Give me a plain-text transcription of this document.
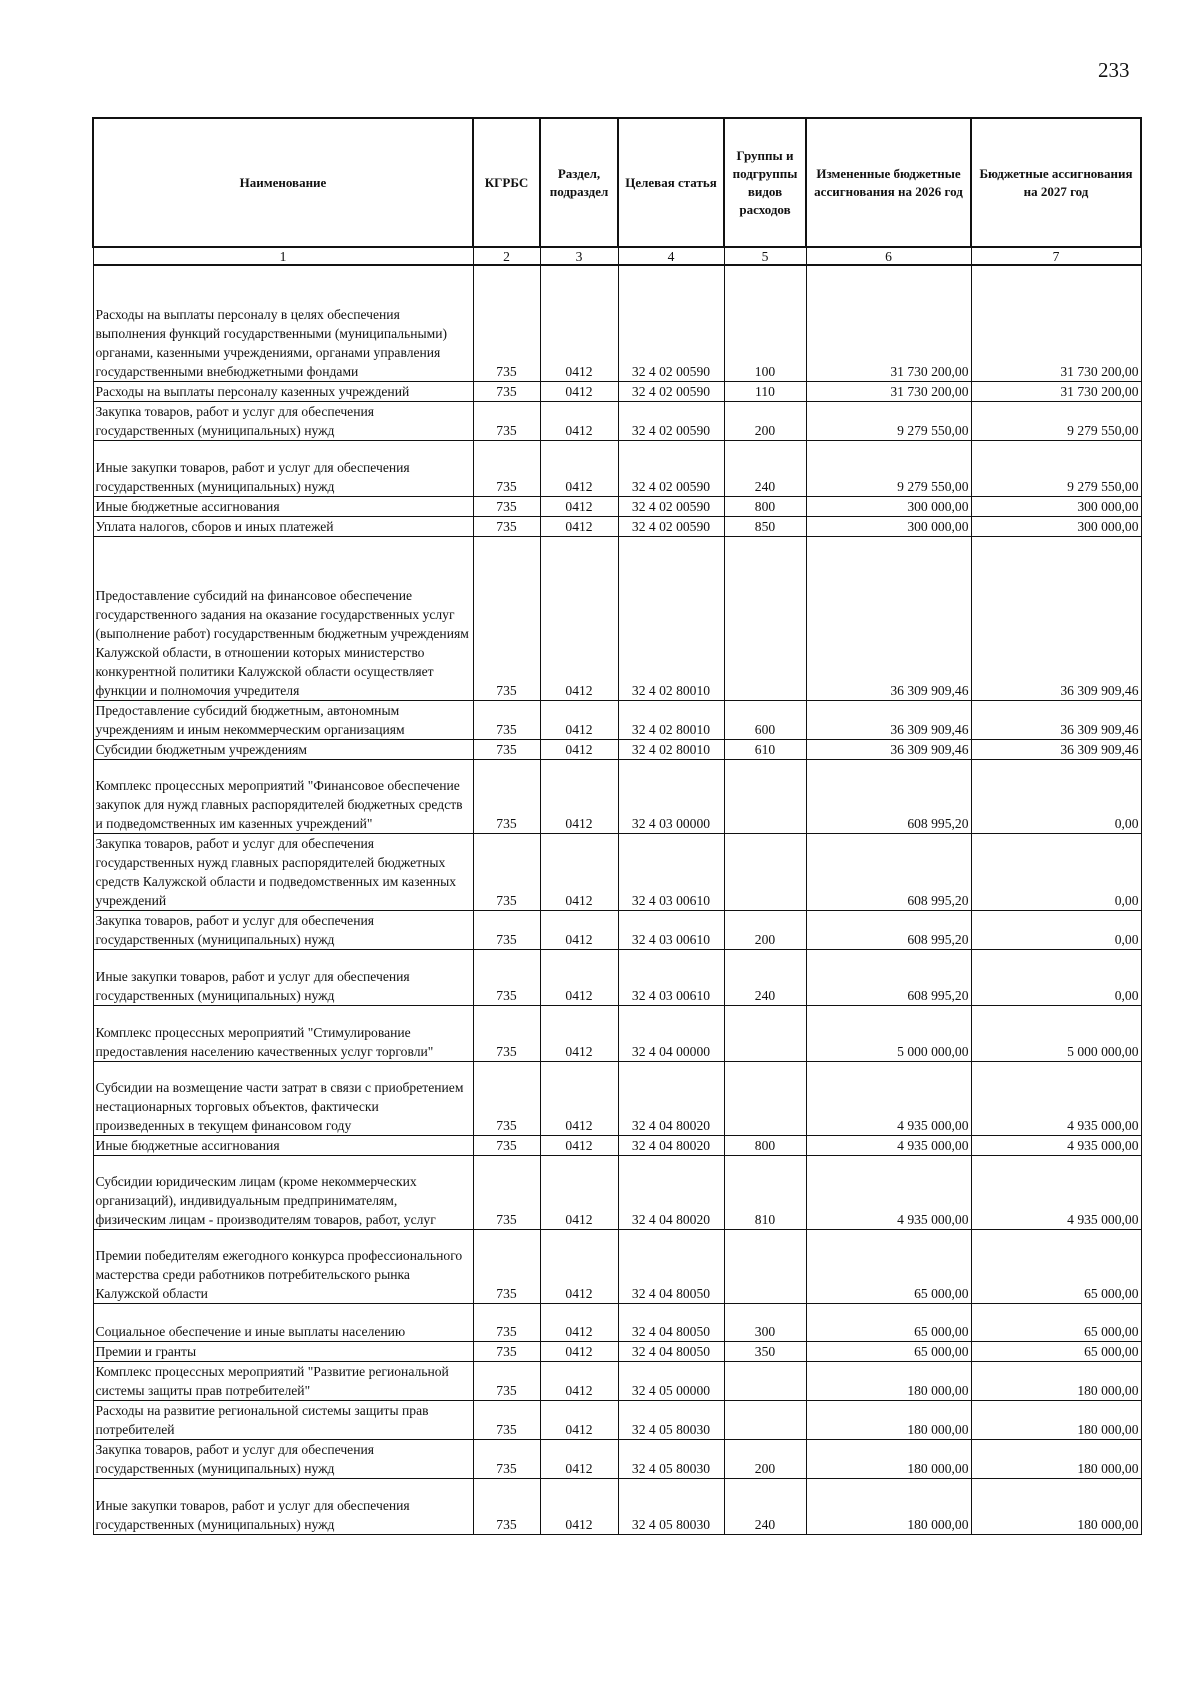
233
Наименование	КГРБС	Раздел, подраздел	Целевая статья	Группы и подгруппы видов расходов	Измененные бюджетные ассигнования на 2026 год	Бюджетные ассигнования на 2027 год
1	2	3	4	5	6	7
Расходы на выплаты персоналу в целях обеспечения выполнения функций государственными (муниципальными) органами, казенными учреждениями, органами управления государственными внебюджетными фондами	735	0412	32 4 02 00590	100	31 730 200,00	31 730 200,00
Расходы на выплаты персоналу казенных учреждений	735	0412	32 4 02 00590	110	31 730 200,00	31 730 200,00
Закупка товаров, работ и услуг для обеспечения государственных (муниципальных) нужд	735	0412	32 4 02 00590	200	9 279 550,00	9 279 550,00
Иные закупки товаров, работ и услуг для обеспечения государственных (муниципальных) нужд	735	0412	32 4 02 00590	240	9 279 550,00	9 279 550,00
Иные бюджетные ассигнования	735	0412	32 4 02 00590	800	300 000,00	300 000,00
Уплата налогов, сборов и иных платежей	735	0412	32 4 02 00590	850	300 000,00	300 000,00
Предоставление субсидий на финансовое обеспечение государственного задания на оказание государственных услуг (выполнение работ) государственным бюджетным учреждениям Калужской области, в отношении которых министерство конкурентной политики Калужской области осуществляет функции и полномочия учредителя	735	0412	32 4 02 80010		36 309 909,46	36 309 909,46
Предоставление субсидий бюджетным, автономным учреждениям и иным некоммерческим организациям	735	0412	32 4 02 80010	600	36 309 909,46	36 309 909,46
Субсидии бюджетным учреждениям	735	0412	32 4 02 80010	610	36 309 909,46	36 309 909,46
Комплекс процессных мероприятий "Финансовое обеспечение закупок для нужд главных распорядителей бюджетных средств и подведомственных им казенных учреждений"	735	0412	32 4 03 00000		608 995,20	0,00
Закупка товаров, работ и услуг для обеспечения государственных нужд главных распорядителей бюджетных средств Калужской области и подведомственных им казенных учреждений	735	0412	32 4 03 00610		608 995,20	0,00
Закупка товаров, работ и услуг для обеспечения государственных (муниципальных) нужд	735	0412	32 4 03 00610	200	608 995,20	0,00
Иные закупки товаров, работ и услуг для обеспечения государственных (муниципальных) нужд	735	0412	32 4 03 00610	240	608 995,20	0,00
Комплекс процессных мероприятий "Стимулирование предоставления населению качественных услуг торговли"	735	0412	32 4 04 00000		5 000 000,00	5 000 000,00
Субсидии на возмещение части затрат в связи с приобретением нестационарных торговых объектов, фактически произведенных в текущем финансовом году	735	0412	32 4 04 80020		4 935 000,00	4 935 000,00
Иные бюджетные ассигнования	735	0412	32 4 04 80020	800	4 935 000,00	4 935 000,00
Субсидии юридическим лицам (кроме некоммерческих организаций), индивидуальным предпринимателям, физическим лицам - производителям товаров, работ, услуг	735	0412	32 4 04 80020	810	4 935 000,00	4 935 000,00
Премии победителям ежегодного конкурса профессионального мастерства среди работников потребительского рынка Калужской области	735	0412	32 4 04 80050		65 000,00	65 000,00
Социальное обеспечение и иные выплаты населению	735	0412	32 4 04 80050	300	65 000,00	65 000,00
Премии и гранты	735	0412	32 4 04 80050	350	65 000,00	65 000,00
Комплекс процессных мероприятий "Развитие региональной системы защиты прав потребителей"	735	0412	32 4 05 00000		180 000,00	180 000,00
Расходы на развитие региональной системы защиты прав потребителей	735	0412	32 4 05 80030		180 000,00	180 000,00
Закупка товаров, работ и услуг для обеспечения государственных (муниципальных) нужд	735	0412	32 4 05 80030	200	180 000,00	180 000,00
Иные закупки товаров, работ и услуг для обеспечения государственных (муниципальных) нужд	735	0412	32 4 05 80030	240	180 000,00	180 000,00
